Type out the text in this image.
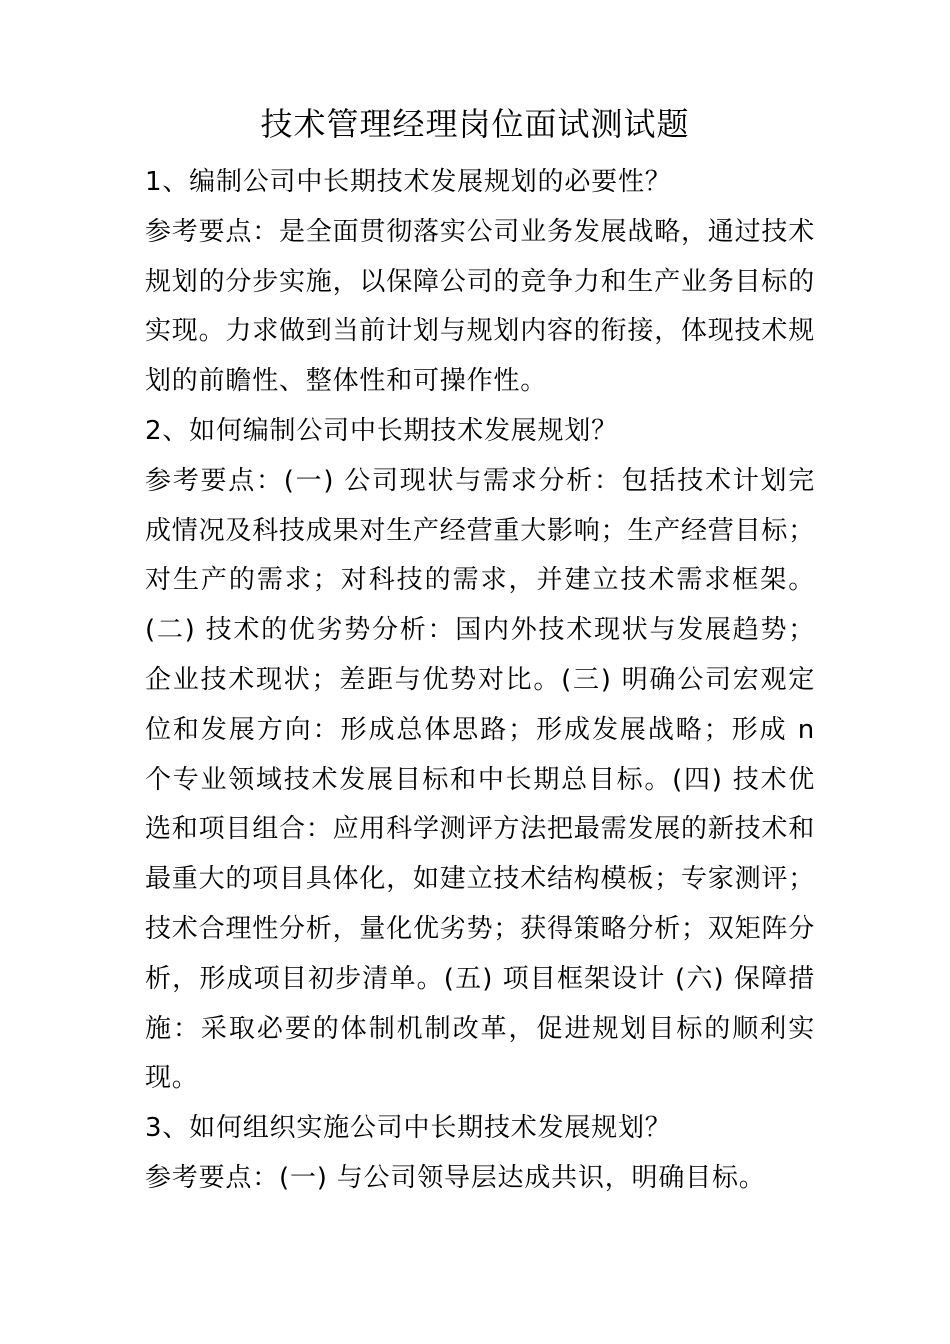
技术管理经理岗位面试测试题

1、编制公司中长期技术发展规划的必要性？

参考要点：是全面贯彻落实公司业务发展战略，通过技术规划的分步实施，以保障公司的竞争力和生产业务目标的实现。力求做到当前计划与规划内容的衔接，体现技术规划的前瞻性、整体性和可操作性。

2、如何编制公司中长期技术发展规划？

参考要点：(一) 公司现状与需求分析：包括技术计划完成情况及科技成果对生产经营重大影响；生产经营目标；对生产的需求；对科技的需求，并建立技术需求框架。(二) 技术的优劣势分析：国内外技术现状与发展趋势；企业技术现状；差距与优势对比。(三) 明确公司宏观定位和发展方向：形成总体思路；形成发展战略；形成 n 个专业领域技术发展目标和中长期总目标。(四) 技术优选和项目组合：应用科学测评方法把最需发展的新技术和最重大的项目具体化，如建立技术结构模板；专家测评；技术合理性分析，量化优劣势；获得策略分析；双矩阵分析，形成项目初步清单。(五) 项目框架设计 (六) 保障措施：采取必要的体制机制改革，促进规划目标的顺利实现。

3、如何组织实施公司中长期技术发展规划？

参考要点：(一) 与公司领导层达成共识，明确目标。
